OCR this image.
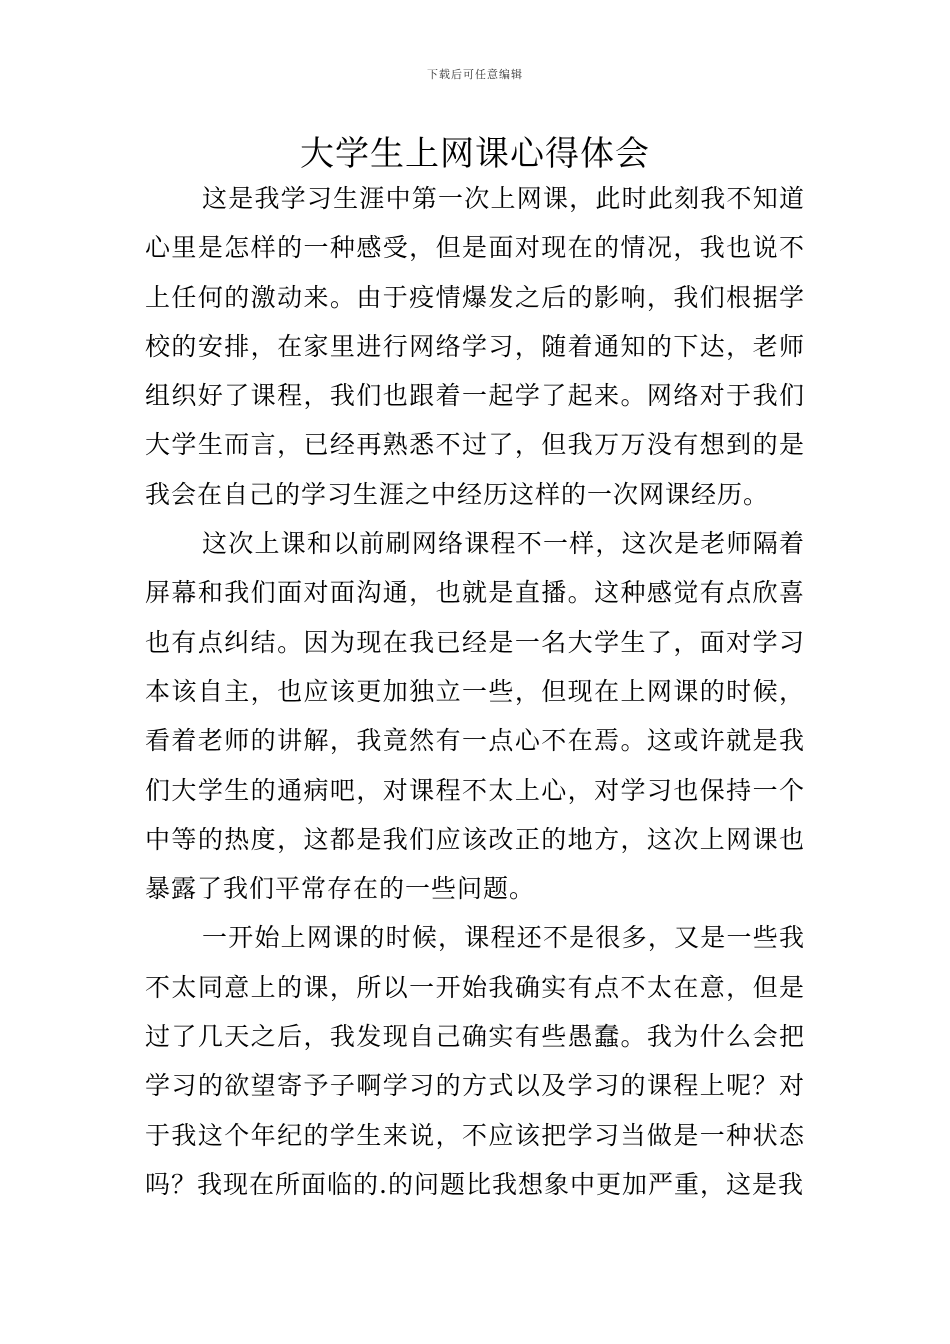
下载后可任意编辑
大学生上网课心得体会

这是我学习生涯中第一次上网课，此时此刻我不知道心里是怎样的一种感受，但是面对现在的情况，我也说不上任何的激动来。由于疫情爆发之后的影响，我们根据学校的安排，在家里进行网络学习，随着通知的下达，老师组织好了课程，我们也跟着一起学了起来。网络对于我们大学生而言，已经再熟悉不过了，但我万万没有想到的是我会在自己的学习生涯之中经历这样的一次网课经历。

这次上课和以前刷网络课程不一样，这次是老师隔着屏幕和我们面对面沟通，也就是直播。这种感觉有点欣喜也有点纠结。因为现在我已经是一名大学生了，面对学习本该自主，也应该更加独立一些，但现在上网课的时候，看着老师的讲解，我竟然有一点心不在焉。这或许就是我们大学生的通病吧，对课程不太上心，对学习也保持一个中等的热度，这都是我们应该改正的地方，这次上网课也暴露了我们平常存在的一些问题。

一开始上网课的时候，课程还不是很多，又是一些我不太同意上的课，所以一开始我确实有点不太在意，但是过了几天之后，我发现自己确实有些愚蠢。我为什么会把学习的欲望寄予子啊学习的方式以及学习的课程上呢？对于我这个年纪的学生来说，不应该把学习当做是一种状态吗？我现在所面临的.的问题比我想象中更加严重，这是我
